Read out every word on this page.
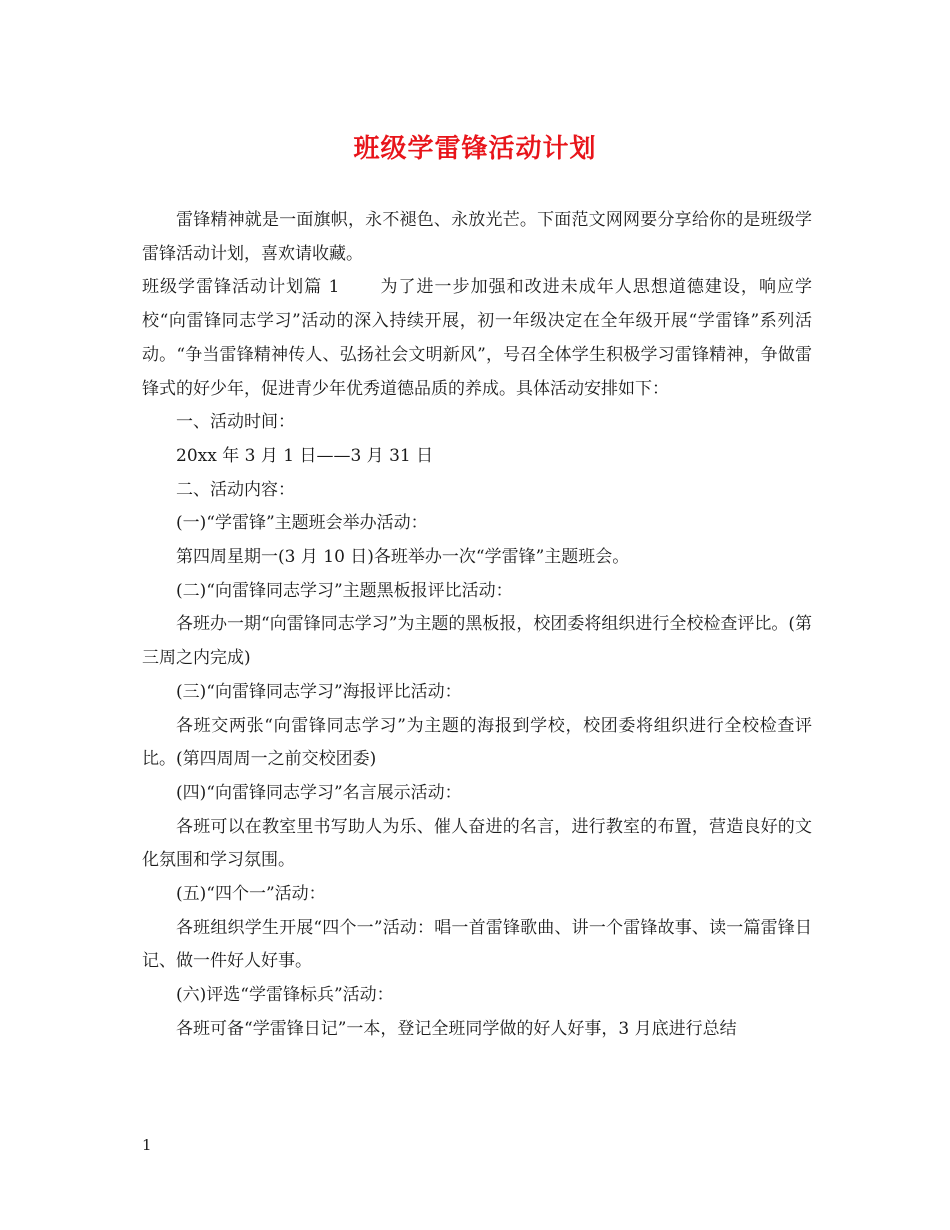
班级学雷锋活动计划

雷锋精神就是一面旗帜，永不褪色、永放光芒。下面范文网网要分享给你的是班级学雷锋活动计划，喜欢请收藏。

班级学雷锋活动计划篇 1 为了进一步加强和改进未成年人思想道德建设，响应学校“向雷锋同志学习”活动的深入持续开展，初一年级决定在全年级开展“学雷锋”系列活动。“争当雷锋精神传人、弘扬社会文明新风”，号召全体学生积极学习雷锋精神，争做雷锋式的好少年，促进青少年优秀道德品质的养成。具体活动安排如下：

一、活动时间：

20xx 年 3 月 1 日——3 月 31 日

二、活动内容：

(一)“学雷锋”主题班会举办活动：

第四周星期一(3 月 10 日)各班举办一次“学雷锋”主题班会。

(二)“向雷锋同志学习”主题黑板报评比活动：

各班办一期“向雷锋同志学习”为主题的黑板报，校团委将组织进行全校检查评比。(第三周之内完成)

(三)“向雷锋同志学习”海报评比活动：

各班交两张“向雷锋同志学习”为主题的海报到学校，校团委将组织进行全校检查评比。(第四周周一之前交校团委)

(四)“向雷锋同志学习”名言展示活动：

各班可以在教室里书写助人为乐、催人奋进的名言，进行教室的布置，营造良好的文化氛围和学习氛围。

(五)“四个一”活动：

各班组织学生开展“四个一”活动：唱一首雷锋歌曲、讲一个雷锋故事、读一篇雷锋日记、做一件好人好事。

(六)评选“学雷锋标兵”活动：

各班可备“学雷锋日记”一本，登记全班同学做的好人好事，3 月底进行总结

1
